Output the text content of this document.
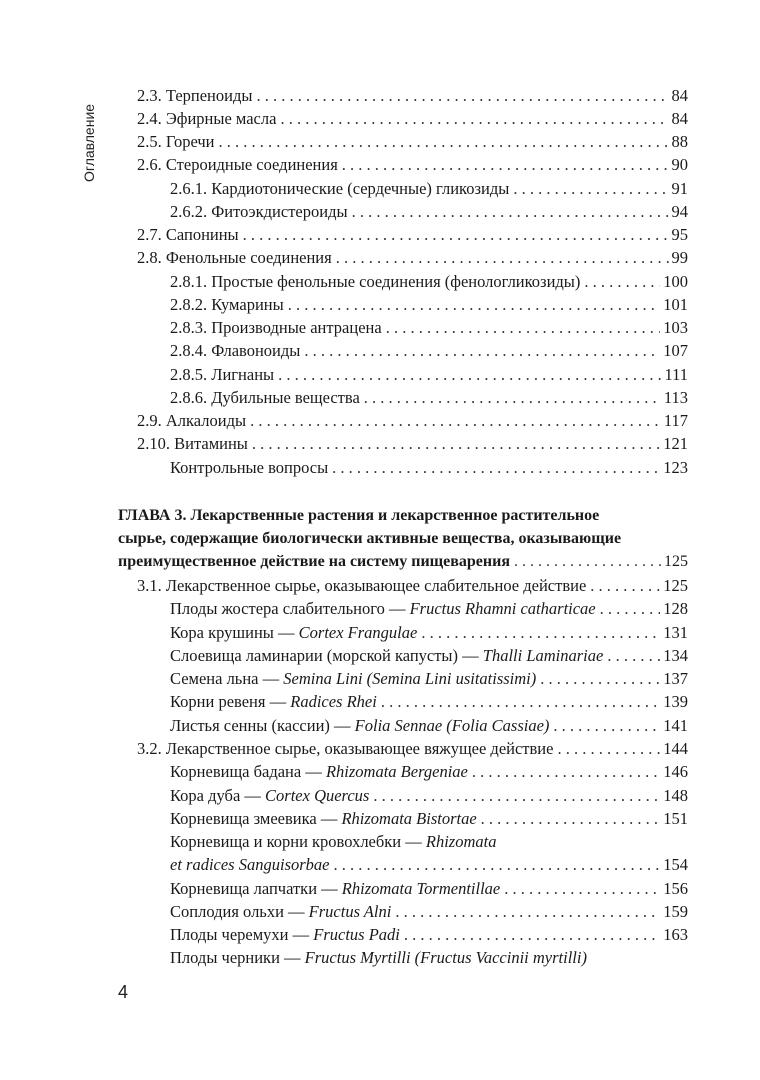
Оглавление
2.3. Терпеноиды . . .	84
2.4. Эфирные масла . . .	84
2.5. Горечи . . .	88
2.6. Стероидные соединения . . .	90
2.6.1. Кардиотонические (сердечные) гликозиды . . .	91
2.6.2. Фитоэкдистероиды . . .	94
2.7. Сапонины . . .	95
2.8. Фенольные соединения . . .	99
2.8.1. Простые фенольные соединения (фенологликозиды) . . .	100
2.8.2. Кумарины . . .	101
2.8.3. Производные антрацена . . .	103
2.8.4. Флавоноиды . . .	107
2.8.5. Лигнаны . . .	111
2.8.6. Дубильные вещества . . .	113
2.9. Алкалоиды . . .	117
2.10. Витамины . . .	121
Контрольные вопросы . . .	123
ГЛАВА 3. Лекарственные растения и лекарственное растительное
сырье, содержащие биологически активные вещества, оказывающие
преимущественное действие на систему пищеварения . . .	125
3.1. Лекарственное сырье, оказывающее слабительное действие . . .	125
Плоды жостера слабительного — Fructus Rhamni catharticae . . .	128
Кора крушины — Cortex Frangulae . . .	131
Слоевища ламинарии (морской капусты) — Thalli Laminariae . . .	134
Семена льна — Semina Lini (Semina Lini usitatissimi) . . .	137
Корни ревеня — Radices Rhei . . .	139
Листья сенны (кассии) — Folia Sennae (Folia Cassiae) . . .	141
3.2. Лекарственное сырье, оказывающее вяжущее действие . . .	144
Корневища бадана — Rhizomata Bergeniae . . .	146
Кора дуба — Cortex Quercus . . .	148
Корневища змеевика — Rhizomata Bistortae . . .	151
Корневища и корни кровохлебки — Rhizomata
et radices Sanguisorbae . . .	154
Корневища лапчатки — Rhizomata Tormentillae . . .	156
Соплодия ольхи — Fructus Alni . . .	159
Плоды черемухи — Fructus Padi . . .	163
Плоды черники — Fructus Myrtilli (Fructus Vaccinii myrtilli)
4
